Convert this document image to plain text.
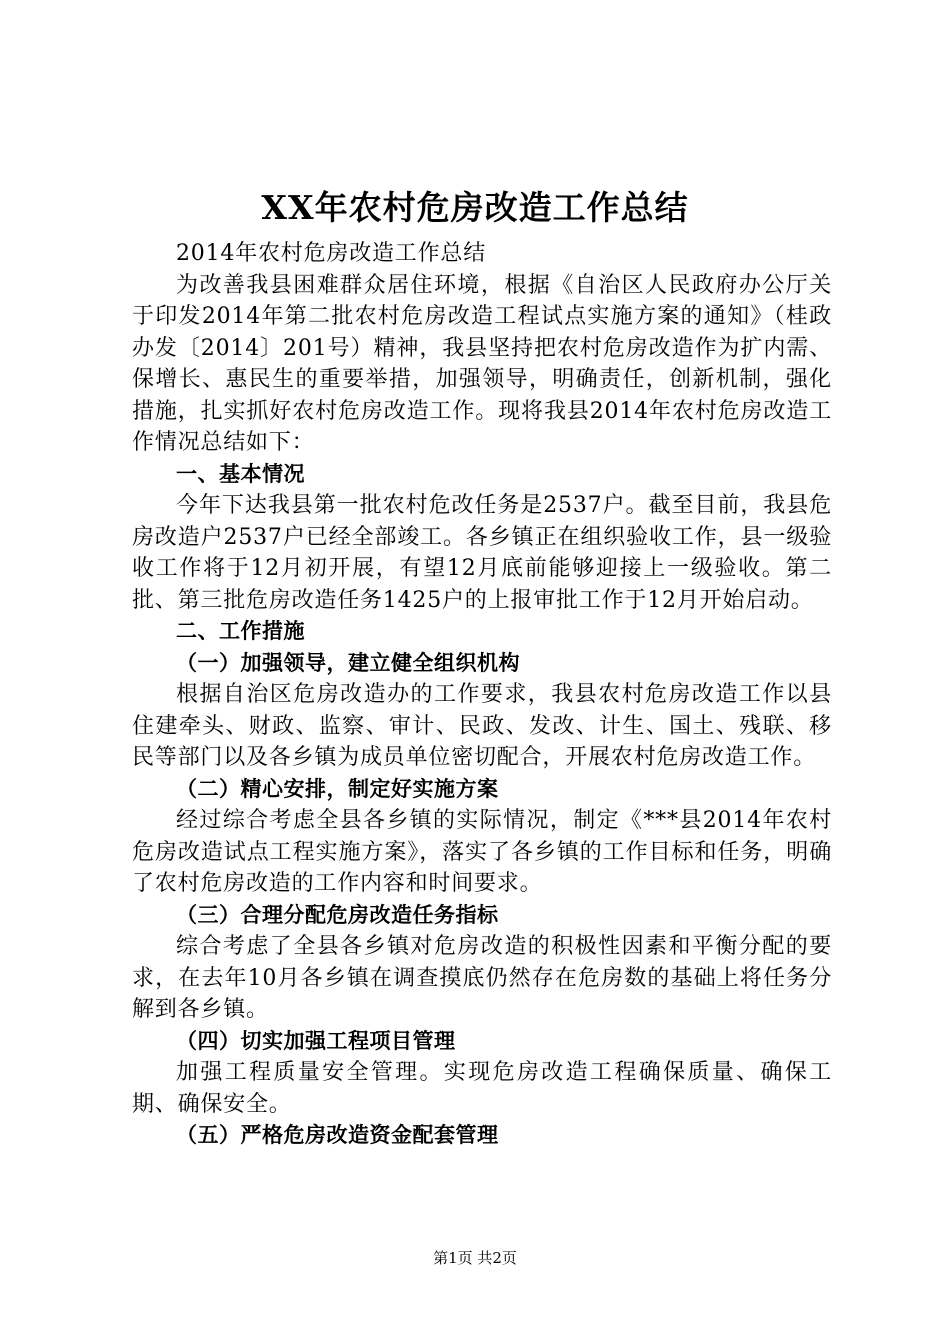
XX年农村危房改造工作总结

2014年农村危房改造工作总结

为改善我县困难群众居住环境，根据《自治区人民政府办公厅关于印发2014年第二批农村危房改造工程试点实施方案的通知》（桂政办发〔2014〕201号）精神，我县坚持把农村危房改造作为扩内需、保增长、惠民生的重要举措，加强领导，明确责任，创新机制，强化措施，扎实抓好农村危房改造工作。现将我县2014年农村危房改造工作情况总结如下：

一、基本情况

今年下达我县第一批农村危改任务是2537户。截至目前，我县危房改造户2537户已经全部竣工。各乡镇正在组织验收工作，县一级验收工作将于12月初开展，有望12月底前能够迎接上一级验收。第二批、第三批危房改造任务1425户的上报审批工作于12月开始启动。

二、工作措施

（一）加强领导，建立健全组织机构

根据自治区危房改造办的工作要求，我县农村危房改造工作以县住建牵头、财政、监察、审计、民政、发改、计生、国土、残联、移民等部门以及各乡镇为成员单位密切配合，开展农村危房改造工作。

（二）精心安排，制定好实施方案

经过综合考虑全县各乡镇的实际情况，制定《***县2014年农村危房改造试点工程实施方案》，落实了各乡镇的工作目标和任务，明确了农村危房改造的工作内容和时间要求。

（三）合理分配危房改造任务指标

综合考虑了全县各乡镇对危房改造的积极性因素和平衡分配的要求，在去年10月各乡镇在调查摸底仍然存在危房数的基础上将任务分解到各乡镇。

（四）切实加强工程项目管理

加强工程质量安全管理。实现危房改造工程确保质量、确保工期、确保安全。

（五）严格危房改造资金配套管理

第1页 共2页
